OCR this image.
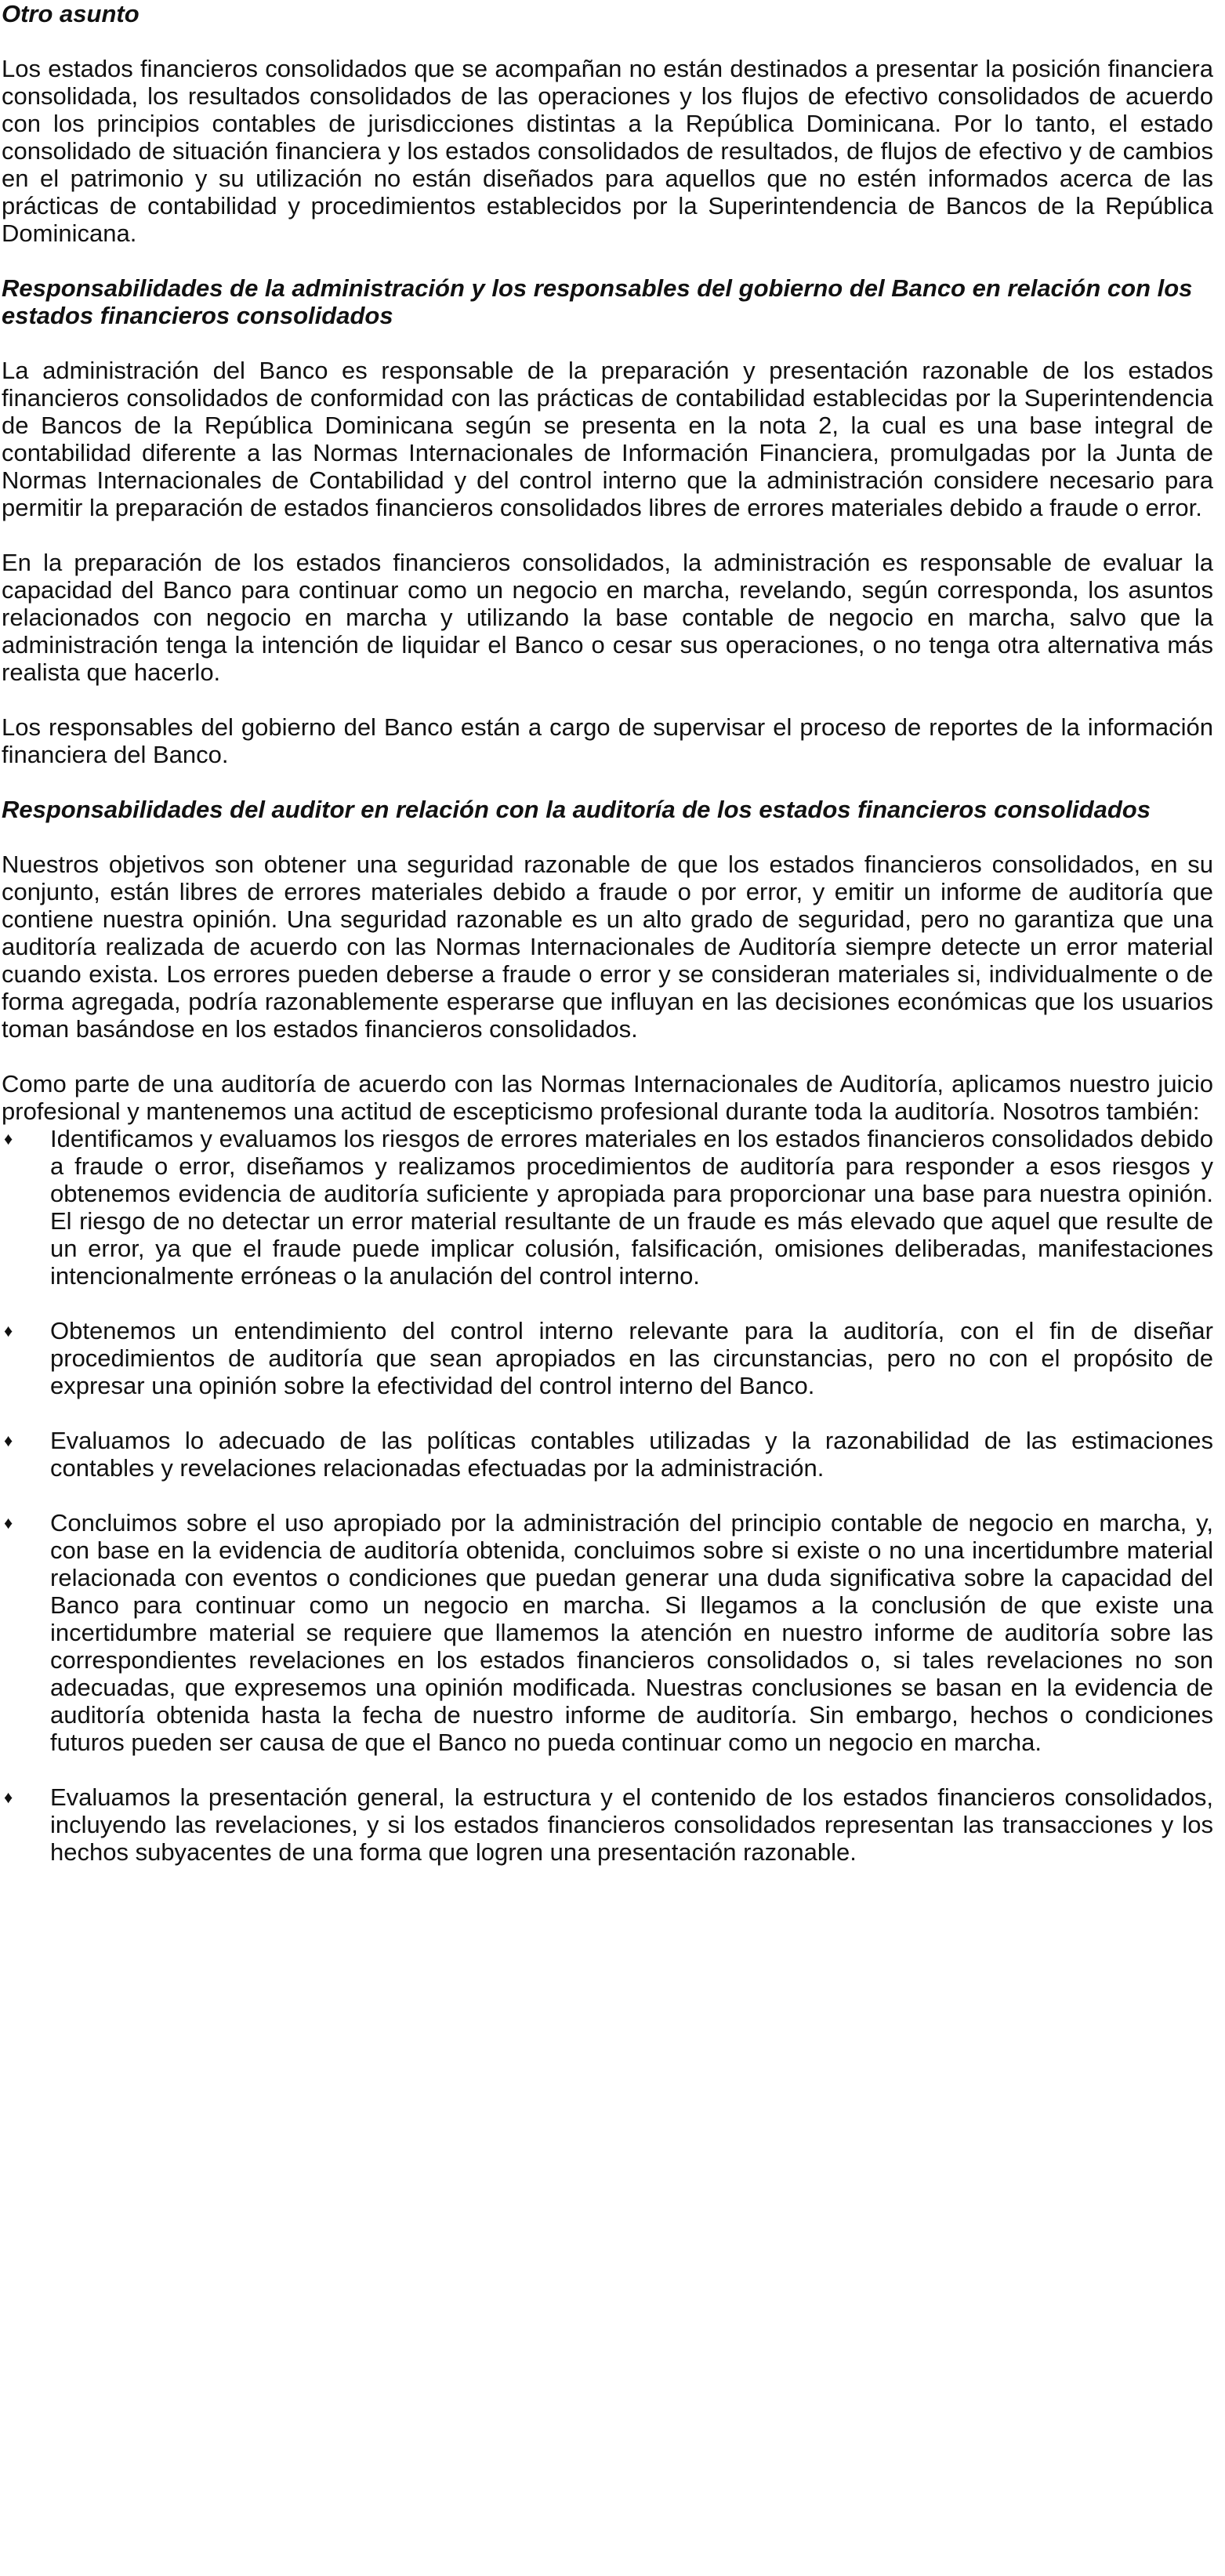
Otro asunto

Los estados financieros consolidados que se acompañan no están destinados a presentar la posición financiera consolidada, los resultados consolidados de las operaciones y los flujos de efectivo consolidados de acuerdo con los principios contables de jurisdicciones distintas a la República Dominicana. Por lo tanto, el estado consolidado de situación financiera y los estados consolidados de resultados, de flujos de efectivo y de cambios en el patrimonio y su utilización no están diseñados para aquellos que no estén informados acerca de las prácticas de contabilidad y procedimientos establecidos por la Superintendencia de Bancos de la República Dominicana.

Responsabilidades de la administración y los responsables del gobierno del Banco en relación con los estados financieros consolidados

La administración del Banco es responsable de la preparación y presentación razonable de los estados financieros consolidados de conformidad con las prácticas de contabilidad establecidas por la Superintendencia de Bancos de la República Dominicana según se presenta en la nota 2, la cual es una base integral de contabilidad diferente a las Normas Internacionales de Información Financiera, promulgadas por la Junta de Normas Internacionales de Contabilidad y del control interno que la administración considere necesario para permitir la preparación de estados financieros consolidados libres de errores materiales debido a fraude o error.

En la preparación de los estados financieros consolidados, la administración es responsable de evaluar la capacidad del Banco para continuar como un negocio en marcha, revelando, según corresponda, los asuntos relacionados con negocio en marcha y utilizando la base contable de negocio en marcha, salvo que la administración tenga la intención de liquidar el Banco o cesar sus operaciones, o no tenga otra alternativa más realista que hacerlo.

Los responsables del gobierno del Banco están a cargo de supervisar el proceso de reportes de la información financiera del Banco.

Responsabilidades del auditor en relación con la auditoría de los estados financieros consolidados

Nuestros objetivos son obtener una seguridad razonable de que los estados financieros consolidados, en su conjunto, están libres de errores materiales debido a fraude o por error, y emitir un informe de auditoría que contiene nuestra opinión. Una seguridad razonable es un alto grado de seguridad, pero no garantiza que una auditoría realizada de acuerdo con las Normas Internacionales de Auditoría siempre detecte un error material cuando exista. Los errores pueden deberse a fraude o error y se consideran materiales si, individualmente o de forma agregada, podría razonablemente esperarse que influyan en las decisiones económicas que los usuarios toman basándose en los estados financieros consolidados.

Como parte de una auditoría de acuerdo con las Normas Internacionales de Auditoría, aplicamos nuestro juicio profesional y mantenemos una actitud de escepticismo profesional durante toda la auditoría. Nosotros también:

♦ Identificamos y evaluamos los riesgos de errores materiales en los estados financieros consolidados debido a fraude o error, diseñamos y realizamos procedimientos de auditoría para responder a esos riesgos y obtenemos evidencia de auditoría suficiente y apropiada para proporcionar una base para nuestra opinión. El riesgo de no detectar un error material resultante de un fraude es más elevado que aquel que resulte de un error, ya que el fraude puede implicar colusión, falsificación, omisiones deliberadas, manifestaciones intencionalmente erróneas o la anulación del control interno.

♦ Obtenemos un entendimiento del control interno relevante para la auditoría, con el fin de diseñar procedimientos de auditoría que sean apropiados en las circunstancias, pero no con el propósito de expresar una opinión sobre la efectividad del control interno del Banco.

♦ Evaluamos lo adecuado de las políticas contables utilizadas y la razonabilidad de las estimaciones contables y revelaciones relacionadas efectuadas por la administración.

♦ Concluimos sobre el uso apropiado por la administración del principio contable de negocio en marcha, y, con base en la evidencia de auditoría obtenida, concluimos sobre si existe o no una incertidumbre material relacionada con eventos o condiciones que puedan generar una duda significativa sobre la capacidad del Banco para continuar como un negocio en marcha. Si llegamos a la conclusión de que existe una incertidumbre material se requiere que llamemos la atención en nuestro informe de auditoría sobre las correspondientes revelaciones en los estados financieros consolidados o, si tales revelaciones no son adecuadas, que expresemos una opinión modificada. Nuestras conclusiones se basan en la evidencia de auditoría obtenida hasta la fecha de nuestro informe de auditoría. Sin embargo, hechos o condiciones futuros pueden ser causa de que el Banco no pueda continuar como un negocio en marcha.

♦ Evaluamos la presentación general, la estructura y el contenido de los estados financieros consolidados, incluyendo las revelaciones, y si los estados financieros consolidados representan las transacciones y los hechos subyacentes de una forma que logren una presentación razonable.
